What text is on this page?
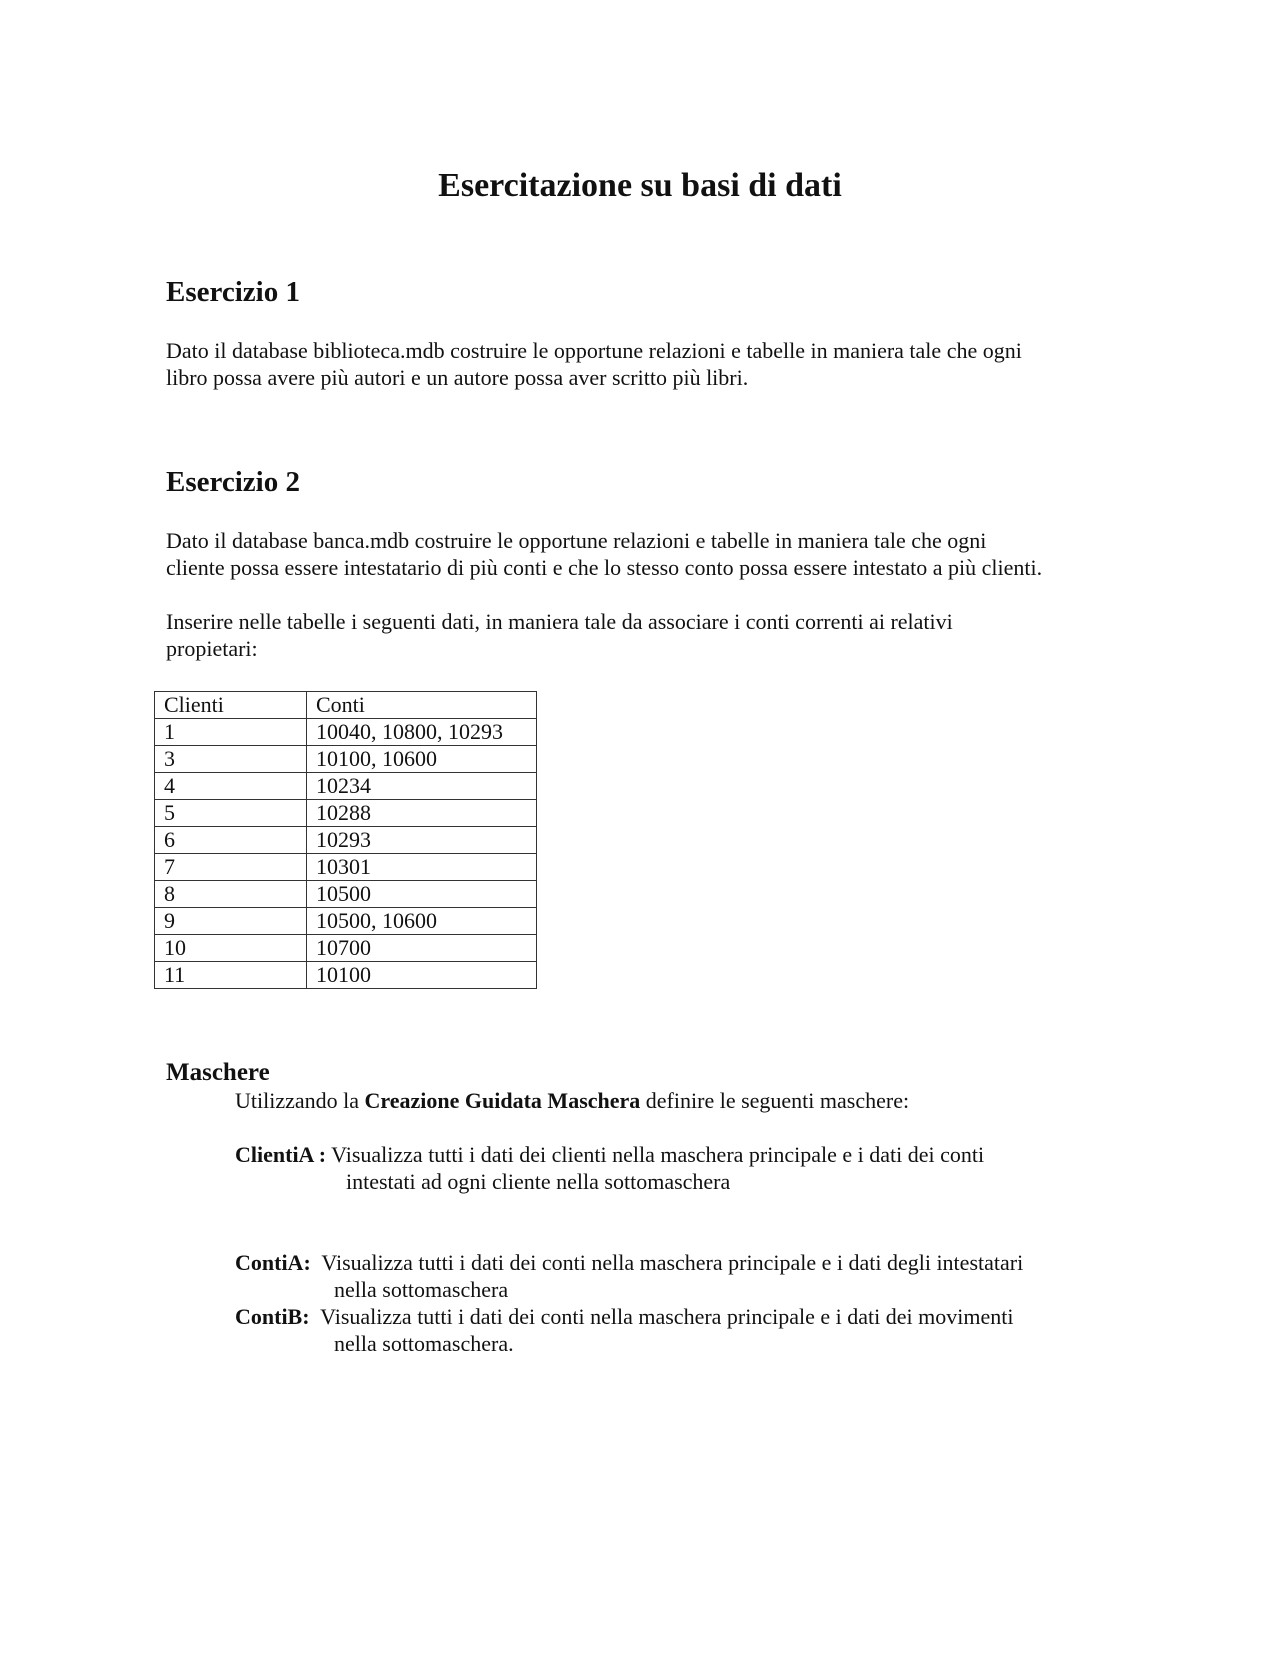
Esercitazione su basi di dati
Esercizio 1
Dato il database biblioteca.mdb costruire le opportune relazioni e tabelle in maniera tale che ogni
libro possa avere più autori e un autore possa aver scritto più libri.
Esercizio 2
Dato il database banca.mdb costruire le opportune relazioni e tabelle in maniera tale che ogni
cliente possa essere intestatario di più conti e che lo stesso conto possa essere intestato a più clienti.
Inserire nelle tabelle i seguenti dati, in maniera tale da associare i conti correnti ai relativi
propietari:
Clienti	Conti
1	10040, 10800, 10293
3	10100, 10600
4	10234
5	10288
6	10293
7	10301
8	10500
9	10500, 10600
10	10700
11	10100
Maschere
Utilizzando la Creazione Guidata Maschera definire le seguenti maschere:
ClientiA : Visualizza tutti i dati dei clienti nella maschera principale e i dati dei conti
intestati ad ogni cliente nella sottomaschera
ContiA:  Visualizza tutti i dati dei conti nella maschera principale e i dati degli intestatari
nella sottomaschera
ContiB:  Visualizza tutti i dati dei conti nella maschera principale e i dati dei movimenti
nella sottomaschera.
